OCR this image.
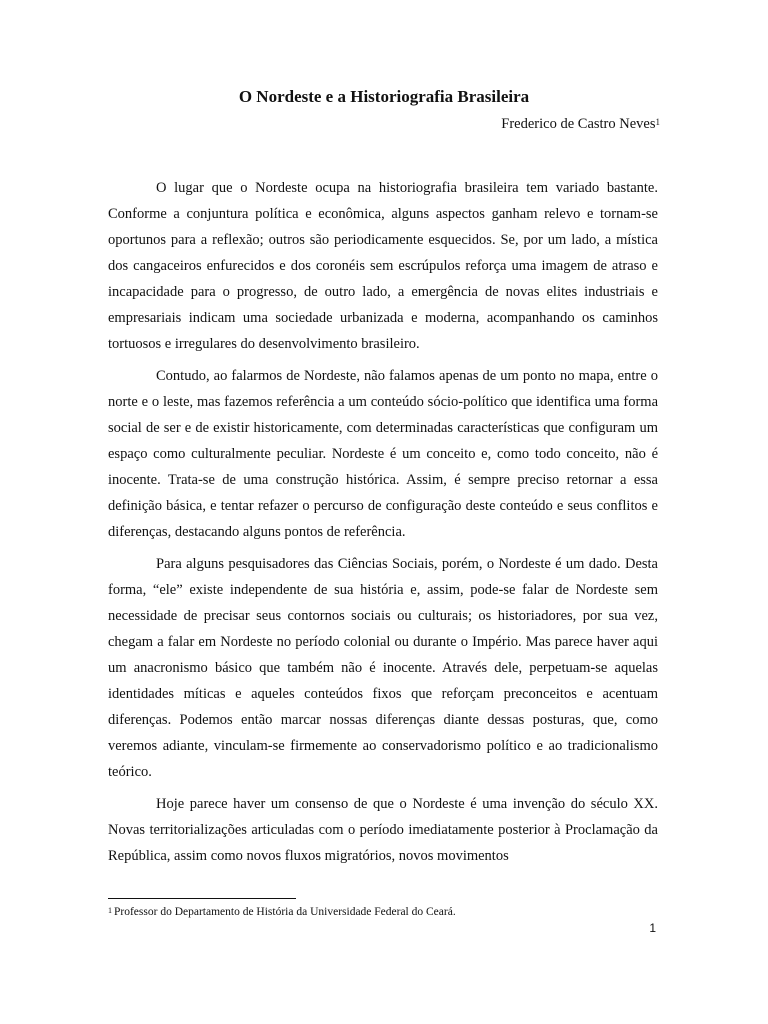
O Nordeste e a Historiografia Brasileira
Frederico de Castro Neves$^1$

O lugar que o Nordeste ocupa na historiografia brasileira tem variado bastante. Conforme a conjuntura política e econômica, alguns aspectos ganham relevo e tornam-se oportunos para a reflexão; outros são periodicamente esquecidos. Se, por um lado, a mística dos cangaceiros enfurecidos e dos coronéis sem escrúpulos reforça uma imagem de atraso e incapacidade para o progresso, de outro lado, a emergência de novas elites industriais e empresariais indicam uma sociedade urbanizada e moderna, acompanhando os caminhos tortuosos e irregulares do desenvolvimento brasileiro.

Contudo, ao falarmos de Nordeste, não falamos apenas de um ponto no mapa, entre o norte e o leste, mas fazemos referência a um conteúdo sócio-político que identifica uma forma social de ser e de existir historicamente, com determinadas características que configuram um espaço como culturalmente peculiar. Nordeste é um conceito e, como todo conceito, não é inocente. Trata-se de uma construção histórica. Assim, é sempre preciso retornar a essa definição básica, e tentar refazer o percurso de configuração deste conteúdo e seus conflitos e diferenças, destacando alguns pontos de referência.

Para alguns pesquisadores das Ciências Sociais, porém, o Nordeste é um dado. Desta forma, “ele” existe independente de sua história e, assim, pode-se falar de Nordeste sem necessidade de precisar seus contornos sociais ou culturais; os historiadores, por sua vez, chegam a falar em Nordeste no período colonial ou durante o Império. Mas parece haver aqui um anacronismo básico que também não é inocente. Através dele, perpetuam-se aquelas identidades míticas e aqueles conteúdos fixos que reforçam preconceitos e acentuam diferenças. Podemos então marcar nossas diferenças diante dessas posturas, que, como veremos adiante, vinculam-se firmemente ao conservadorismo político e ao tradicionalismo teórico.

Hoje parece haver um consenso de que o Nordeste é uma invenção do século XX. Novas territorializações articuladas com o período imediatamente posterior à Proclamação da República, assim como novos fluxos migratórios, novos movimentos

$^1$ Professor do Departamento de História da Universidade Federal do Ceará.
1
